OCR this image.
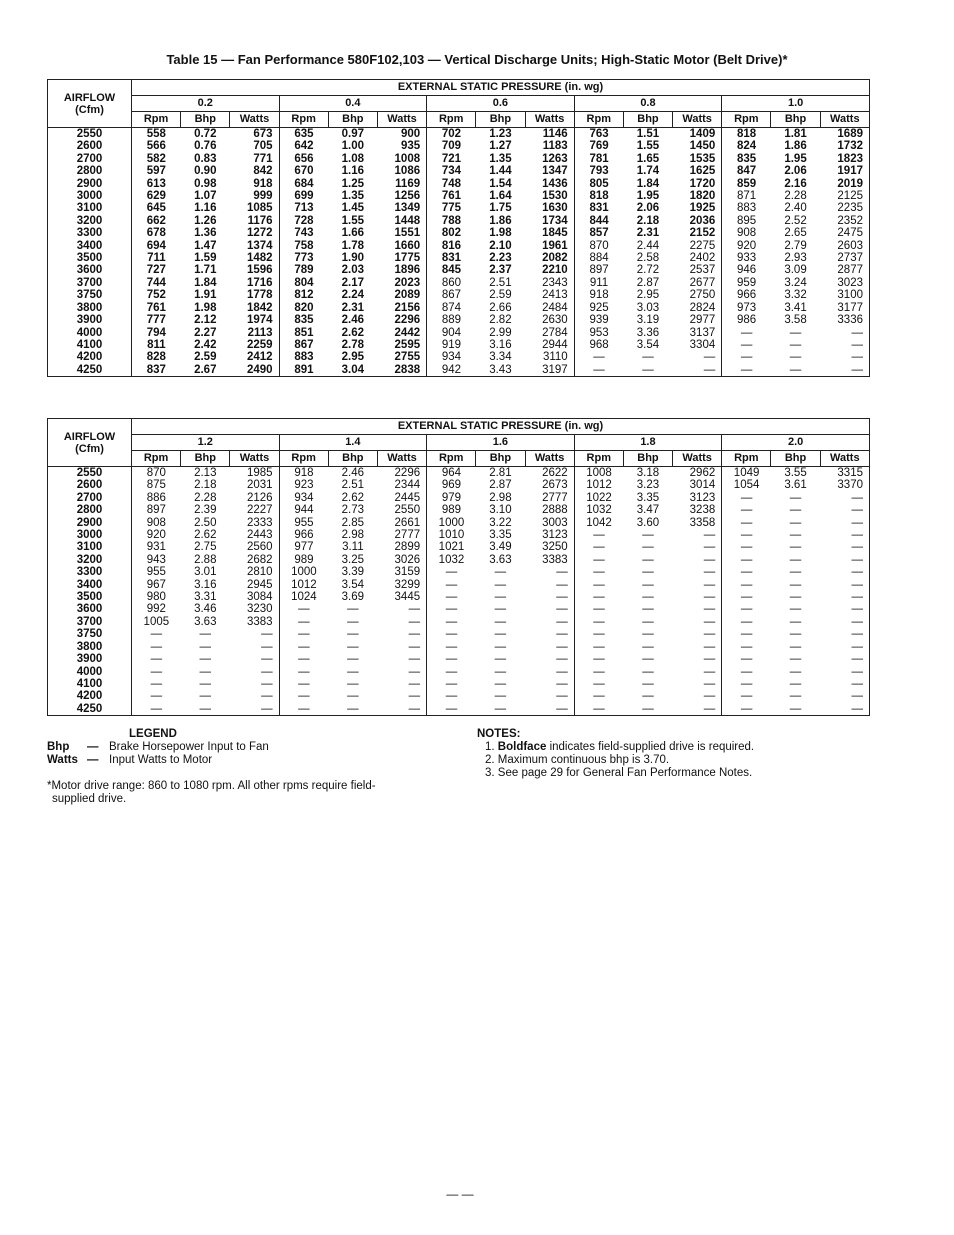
Table 15 — Fan Performance 580F102,103 — Vertical Discharge Units; High-Static Motor (Belt Drive)*
AIRFLOW
(Cfm)	EXTERNAL STATIC PRESSURE (in. wg)														
	0.2			0.4			0.6			0.8			1.0		
	Rpm	Bhp	Watts	Rpm	Bhp	Watts	Rpm	Bhp	Watts	Rpm	Bhp	Watts	Rpm	Bhp	Watts
2550	558	0.72	673	635	0.97	900	702	1.23	1146	763	1.51	1409	818	1.81	1689
2600	566	0.76	705	642	1.00	935	709	1.27	1183	769	1.55	1450	824	1.86	1732
2700	582	0.83	771	656	1.08	1008	721	1.35	1263	781	1.65	1535	835	1.95	1823
2800	597	0.90	842	670	1.16	1086	734	1.44	1347	793	1.74	1625	847	2.06	1917
2900	613	0.98	918	684	1.25	1169	748	1.54	1436	805	1.84	1720	859	2.16	2019
3000	629	1.07	999	699	1.35	1256	761	1.64	1530	818	1.95	1820	871	2.28	2125
3100	645	1.16	1085	713	1.45	1349	775	1.75	1630	831	2.06	1925	883	2.40	2235
3200	662	1.26	1176	728	1.55	1448	788	1.86	1734	844	2.18	2036	895	2.52	2352
3300	678	1.36	1272	743	1.66	1551	802	1.98	1845	857	2.31	2152	908	2.65	2475
3400	694	1.47	1374	758	1.78	1660	816	2.10	1961	870	2.44	2275	920	2.79	2603
3500	711	1.59	1482	773	1.90	1775	831	2.23	2082	884	2.58	2402	933	2.93	2737
3600	727	1.71	1596	789	2.03	1896	845	2.37	2210	897	2.72	2537	946	3.09	2877
3700	744	1.84	1716	804	2.17	2023	860	2.51	2343	911	2.87	2677	959	3.24	3023
3750	752	1.91	1778	812	2.24	2089	867	2.59	2413	918	2.95	2750	966	3.32	3100
3800	761	1.98	1842	820	2.31	2156	874	2.66	2484	925	3.03	2824	973	3.41	3177
3900	777	2.12	1974	835	2.46	2296	889	2.82	2630	939	3.19	2977	986	3.58	3336
4000	794	2.27	2113	851	2.62	2442	904	2.99	2784	953	3.36	3137	—	—	—
4100	811	2.42	2259	867	2.78	2595	919	3.16	2944	968	3.54	3304	—	—	—
4200	828	2.59	2412	883	2.95	2755	934	3.34	3110	—	—	—	—	—	—
4250	837	2.67	2490	891	3.04	2838	942	3.43	3197	—	—	—	—	—	—
AIRFLOW
(Cfm)	EXTERNAL STATIC PRESSURE (in. wg)														
	1.2			1.4			1.6			1.8			2.0		
	Rpm	Bhp	Watts	Rpm	Bhp	Watts	Rpm	Bhp	Watts	Rpm	Bhp	Watts	Rpm	Bhp	Watts
2550	870	2.13	1985	918	2.46	2296	964	2.81	2622	1008	3.18	2962	1049	3.55	3315
2600	875	2.18	2031	923	2.51	2344	969	2.87	2673	1012	3.23	3014	1054	3.61	3370
2700	886	2.28	2126	934	2.62	2445	979	2.98	2777	1022	3.35	3123	—	—	—
2800	897	2.39	2227	944	2.73	2550	989	3.10	2888	1032	3.47	3238	—	—	—
2900	908	2.50	2333	955	2.85	2661	1000	3.22	3003	1042	3.60	3358	—	—	—
3000	920	2.62	2443	966	2.98	2777	1010	3.35	3123	—	—	—	—	—	—
3100	931	2.75	2560	977	3.11	2899	1021	3.49	3250	—	—	—	—	—	—
3200	943	2.88	2682	989	3.25	3026	1032	3.63	3383	—	—	—	—	—	—
3300	955	3.01	2810	1000	3.39	3159	—	—	—	—	—	—	—	—	—
3400	967	3.16	2945	1012	3.54	3299	—	—	—	—	—	—	—	—	—
3500	980	3.31	3084	1024	3.69	3445	—	—	—	—	—	—	—	—	—
3600	992	3.46	3230	—	—	—	—	—	—	—	—	—	—	—	—
3700	1005	3.63	3383	—	—	—	—	—	—	—	—	—	—	—	—
3750	—	—	—	—	—	—	—	—	—	—	—	—	—	—	—
3800	—	—	—	—	—	—	—	—	—	—	—	—	—	—	—
3900	—	—	—	—	—	—	—	—	—	—	—	—	—	—	—
4000	—	—	—	—	—	—	—	—	—	—	—	—	—	—	—
4100	—	—	—	—	—	—	—	—	—	—	—	—	—	—	—
4200	—	—	—	—	—	—	—	—	—	—	—	—	—	—	—
4250	—	—	—	—	—	—	—	—	—	—	—	—	—	—	—
LEGEND
Bhp — Brake Horsepower Input to Fan
Watts — Input Watts to Motor
*Motor drive range: 860 to 1080 rpm. All other rpms require field-
supplied drive.
NOTES:
1. Boldface indicates field-supplied drive is required.
2. Maximum continuous bhp is 3.70.
3. See page 29 for General Fan Performance Notes.
— —
